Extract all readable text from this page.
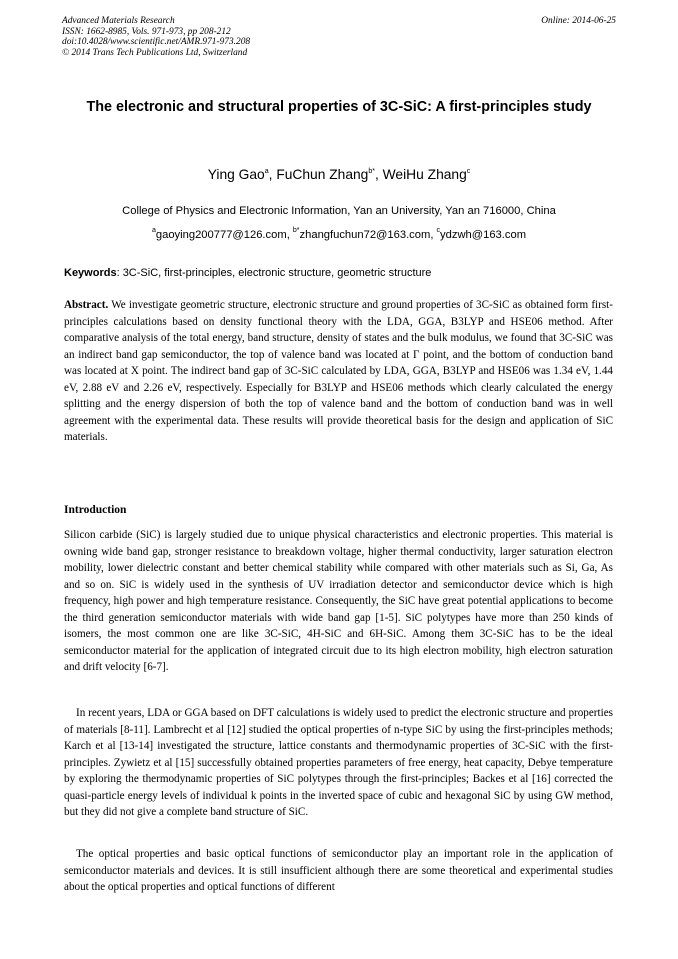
Advanced Materials Research
ISSN: 1662-8985, Vols. 971-973, pp 208-212
doi:10.4028/www.scientific.net/AMR.971-973.208
© 2014 Trans Tech Publications Ltd, Switzerland
Online: 2014-06-25
The electronic and structural properties of 3C-SiC: A first-principles study
Ying Gao$^a$, FuChun Zhang$^{b*}$, WeiHu Zhang$^c$
College of Physics and Electronic Information, Yan an University, Yan an 716000, China
$^a$gaoying200777@126.com, $^{b*}$zhangfuchun72@163.com, $^c$ydzwh@163.com
Keywords: 3C-SiC, first-principles, electronic structure, geometric structure
Abstract. We investigate geometric structure, electronic structure and ground properties of 3C-SiC as obtained form first-principles calculations based on density functional theory with the LDA, GGA, B3LYP and HSE06 method. After comparative analysis of the total energy, band structure, density of states and the bulk modulus, we found that 3C-SiC was an indirect band gap semiconductor, the top of valence band was located at Γ point, and the bottom of conduction band was located at X point. The indirect band gap of 3C-SiC calculated by LDA, GGA, B3LYP and HSE06 was 1.34 eV, 1.44 eV, 2.88 eV and 2.26 eV, respectively. Especially for B3LYP and HSE06 methods which clearly calculated the energy splitting and the energy dispersion of both the top of valence band and the bottom of conduction band was in well agreement with the experimental data. These results will provide theoretical basis for the design and application of SiC materials.
Introduction
Silicon carbide (SiC) is largely studied due to unique physical characteristics and electronic properties. This material is owning wide band gap, stronger resistance to breakdown voltage, higher thermal conductivity, larger saturation electron mobility, lower dielectric constant and better chemical stability while compared with other materials such as Si, Ga, As and so on. SiC is widely used in the synthesis of UV irradiation detector and semiconductor device which is high frequency, high power and high temperature resistance. Consequently, the SiC have great potential applications to become the third generation semiconductor materials with wide band gap [1-5]. SiC polytypes have more than 250 kinds of isomers, the most common one are like 3C-SiC, 4H-SiC and 6H-SiC. Among them 3C-SiC has to be the ideal semiconductor material for the application of integrated circuit due to its high electron mobility, high electron saturation and drift velocity [6-7].
In recent years, LDA or GGA based on DFT calculations is widely used to predict the electronic structure and properties of materials [8-11]. Lambrecht et al [12] studied the optical properties of n-type SiC by using the first-principles methods; Karch et al [13-14] investigated the structure, lattice constants and thermodynamic properties of 3C-SiC with the first-principles. Zywietz et al [15] successfully obtained properties parameters of free energy, heat capacity, Debye temperature by exploring the thermodynamic properties of SiC polytypes through the first-principles; Backes et al [16] corrected the quasi-particle energy levels of individual k points in the inverted space of cubic and hexagonal SiC by using GW method, but they did not give a complete band structure of SiC.
The optical properties and basic optical functions of semiconductor play an important role in the application of semiconductor materials and devices. It is still insufficient although there are some theoretical and experimental studies about the optical properties and optical functions of different
